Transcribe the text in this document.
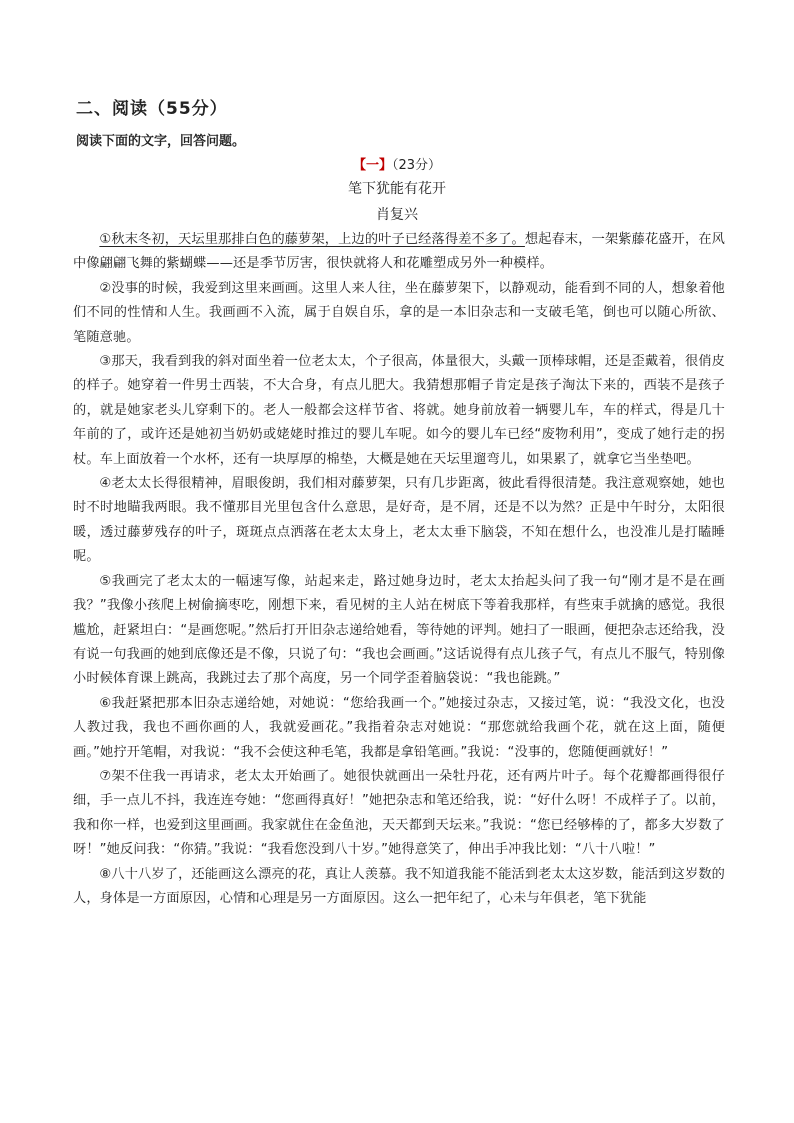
二、阅读（55分）
阅读下面的文字，回答问题。
【一】（23分）
笔下犹能有花开
肖复兴

①秋末冬初，天坛里那排白色的藤萝架，上边的叶子已经落得差不多了。想起春末，一架紫藤花盛开，在风中像翩翩飞舞的紫蝴蝶——还是季节厉害，很快就将人和花雕塑成另外一种模样。

②没事的时候，我爱到这里来画画。这里人来人往，坐在藤萝架下，以静观动，能看到不同的人，想象着他们不同的性情和人生。我画画不入流，属于自娱自乐，拿的是一本旧杂志和一支破毛笔，倒也可以随心所欲、笔随意驰。

③那天，我看到我的斜对面坐着一位老太太，个子很高，体量很大，头戴一顶棒球帽，还是歪戴着，很俏皮的样子。她穿着一件男士西装，不大合身，有点儿肥大。我猜想那帽子肯定是孩子淘汰下来的，西装不是孩子的，就是她家老头儿穿剩下的。老人一般都会这样节省、将就。她身前放着一辆婴儿车，车的样式，得是几十年前的了，或许还是她初当奶奶或姥姥时推过的婴儿车呢。如今的婴儿车已经“废物利用”，变成了她行走的拐杖。车上面放着一个水杯，还有一块厚厚的棉垫，大概是她在天坛里遛弯儿，如果累了，就拿它当坐垫吧。

④老太太长得很精神，眉眼俊朗，我们相对藤萝架，只有几步距离，彼此看得很清楚。我注意观察她，她也时不时地瞄我两眼。我不懂那目光里包含什么意思，是好奇，是不屑，还是不以为然？正是中午时分，太阳很暖，透过藤萝残存的叶子，斑斑点点洒落在老太太身上，老太太垂下脑袋，不知在想什么，也没准儿是打瞌睡呢。

⑤我画完了老太太的一幅速写像，站起来走，路过她身边时，老太太抬起头问了我一句“刚才是不是在画我？”我像小孩爬上树偷摘枣吃，刚想下来，看见树的主人站在树底下等着我那样，有些束手就擒的感觉。我很尴尬，赶紧坦白：“是画您呢。”然后打开旧杂志递给她看，等待她的评判。她扫了一眼画，便把杂志还给我，没有说一句我画的她到底像还是不像，只说了句：“我也会画画。”这话说得有点儿孩子气，有点儿不服气，特别像小时候体育课上跳高，我跳过去了那个高度，另一个同学歪着脑袋说：“我也能跳。”

⑥我赶紧把那本旧杂志递给她，对她说：“您给我画一个。”她接过杂志，又接过笔，说：“我没文化，也没人教过我，我也不画你画的人，我就爱画花。”我指着杂志对她说：“那您就给我画个花，就在这上面，随便画。”她拧开笔帽，对我说：“我不会使这种毛笔，我都是拿铅笔画。”我说：“没事的，您随便画就好！”

⑦架不住我一再请求，老太太开始画了。她很快就画出一朵牡丹花，还有两片叶子。每个花瓣都画得很仔细，手一点儿不抖，我连连夸她：“您画得真好！”她把杂志和笔还给我，说：“好什么呀！不成样子了。以前，我和你一样，也爱到这里画画。我家就住在金鱼池，天天都到天坛来。”我说：“您已经够棒的了，都多大岁数了呀！”她反问我：“你猜。”我说：“我看您没到八十岁。”她得意笑了，伸出手冲我比划：“八十八啦！”

⑧八十八岁了，还能画这么漂亮的花，真让人羡慕。我不知道我能不能活到老太太这岁数，能活到这岁数的人，身体是一方面原因，心情和心理是另一方面原因。这么一把年纪了，心未与年俱老，笔下犹能
